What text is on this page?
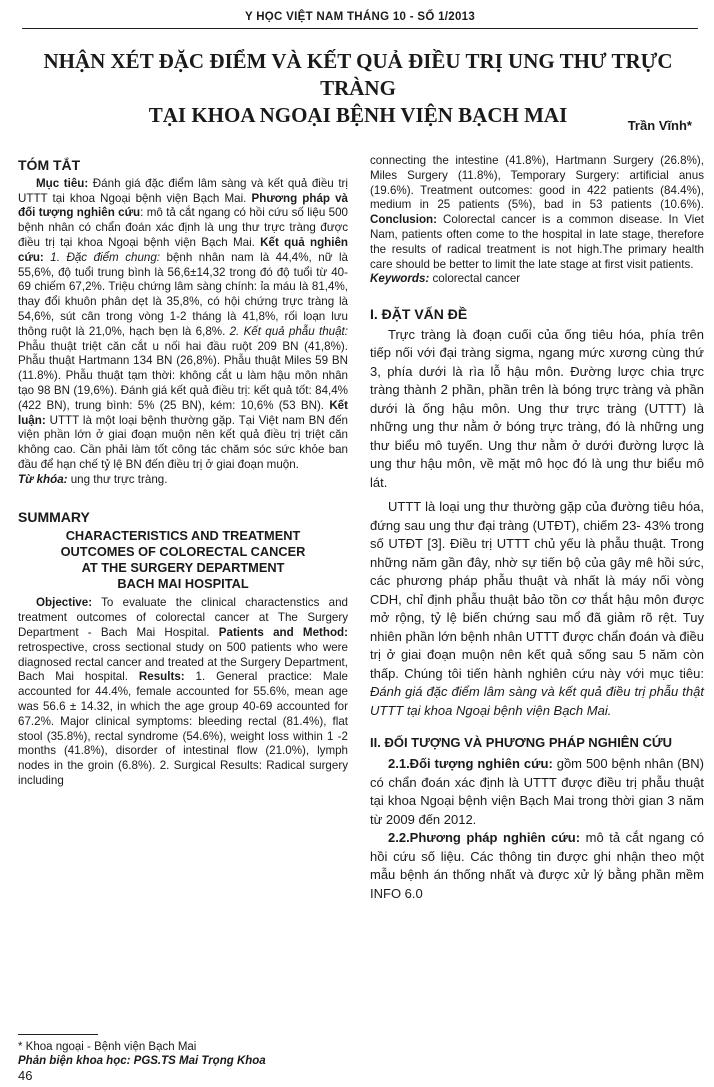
Y HỌC VIỆT NAM THÁNG 10 - SỐ 1/2013
NHẬN XÉT ĐẶC ĐIỂM VÀ KẾT QUẢ ĐIỀU TRỊ UNG THƯ TRỰC TRÀNG
TẠI KHOA NGOẠI BỆNH VIỆN BẠCH MAI	Trần Vĩnh*
TÓM TẮT

Mục tiêu: Đánh giá đặc điểm lâm sàng và kết quả điều trị UTTT tại khoa Ngoại bệnh viện Bạch Mai. Phương pháp và đối tượng nghiên cứu: mô tả cắt ngang có hồi cứu số liệu 500 bệnh nhân có chẩn đoán xác định là ung thư trực tràng được điều trị tại khoa Ngoại bệnh viện Bạch Mai. Kết quả nghiên cứu: 1. Đặc điểm chung: bệnh nhân nam là 44,4%, nữ là 55,6%, độ tuổi trung bình là 56,6±14,32 trong đó độ tuổi từ 40-69 chiếm 67,2%. Triệu chứng lâm sàng chính: ỉa máu là 81,4%, thay đổi khuôn phân dẹt là 35,8%, có hội chứng trực tràng là 54,6%, sút cân trong vòng 1-2 tháng là 41,8%, rối loạn lưu thông ruột là 21,0%, hạch bẹn là 6,8%. 2. Kết quả phẫu thuật: Phẫu thuật triệt căn cắt u nối hai đầu ruột 209 BN (41,8%). Phẫu thuật Hartmann 134 BN (26,8%). Phẫu thuật Miles 59 BN (11.8%). Phẫu thuật tạm thời: không cắt u làm hậu môn nhân tạo 98 BN (19,6%). Đánh giá kết quả điều trị: kết quả tốt: 84,4% (422 BN), trung bình: 5% (25 BN), kém: 10,6% (53 BN). Kết luận: UTTT là một loại bệnh thường gặp. Tại Việt nam BN đến viện phần lớn ở giai đoạn muộn nên kết quả điều trị triệt căn không cao. Cần phải làm tốt công tác chăm sóc sức khỏe ban đầu để hạn chế tỷ lệ BN đến điều trị ở giai đoạn muộn.

Từ khóa: ung thư trực tràng.

SUMMARY
CHARACTERISTICS AND TREATMENT
OUTCOMES OF COLORECTAL CANCER
AT THE SURGERY DEPARTMENT
BACH MAI HOSPITAL

Objective: To evaluate the clinical charactenstics and treatment outcomes of colorectal cancer at The Surgery Department - Bach Mai Hospital. Patients and Method: retrospective, cross sectional study on 500 patients who were diagnosed rectal cancer and treated at the Surgery Department, Bach Mai hospital. Results: 1. General practice: Male accounted for 44.4%, female accounted for 55.6%, mean age was 56.6 ± 14.32, in which the age group 40-69 accounted for 67.2%. Major clinical symptoms: bleeding rectal (81.4%), flat stool (35.8%), rectal syndrome (54.6%), weight loss within 1 -2 months (41.8%), disorder of intestinal flow (21.0%), lymph nodes in the groin (6.8%). 2. Surgical Results: Radical surgery including

* Khoa ngoại - Bệnh viện Bạch Mai
Phản biện khoa học: PGS.TS Mai Trọng Khoa
46

connecting the intestine (41.8%), Hartmann Surgery (26.8%), Miles Surgery (11.8%), Temporary Surgery: artificial anus (19.6%). Treatment outcomes: good in 422 patients (84.4%), medium in 25 patients (5%), bad in 53 patients (10.6%). Conclusion: Colorectal cancer is a common disease. In Viet Nam, patients often come to the hospital in late stage, therefore the results of radical treatment is not high.The primary health care should be better to limit the late stage at first visit patients.

Keywords: colorectal cancer

I. ĐẶT VẤN ĐỀ

Trực tràng là đoạn cuối của ống tiêu hóa, phía trên tiếp nối với đại tràng sigma, ngang mức xương cùng thứ 3, phía dưới là rìa lỗ hậu môn. Đường lược chia trực tràng thành 2 phần, phần trên là bóng trực tràng và phần dưới là ống hậu môn. Ung thư trực tràng (UTTT) là những ung thư nằm ở bóng trực tràng, đó là những ung thư biểu mô tuyến. Ung thư nằm ở dưới đường lược là ung thư hậu môn, về mặt mô học đó là ung thư biểu mô lát.

UTTT là loại ung thư thường gặp của đường tiêu hóa, đứng sau ung thư đại tràng (UTĐT), chiếm 23- 43% trong số UTĐT [3]. Điều trị UTTT chủ yếu là phẫu thuật. Trong những năm gần đây, nhờ sự tiến bộ của gây mê hồi sức, các phương pháp phẫu thuật và nhất là máy nối vòng CDH, chỉ định phẫu thuật bảo tồn cơ thắt hậu môn được mở rộng, tỷ lệ biến chứng sau mổ đã giảm rõ rệt. Tuy nhiên phần lớn bệnh nhân UTTT được chẩn đoán và điều trị ở giai đoạn muộn nên kết quả sống sau 5 năm còn thấp. Chúng tôi tiến hành nghiên cứu này với mục tiêu: Đánh giá đặc điểm lâm sàng và kết quả điều trị phẫu thật UTTT tại khoa Ngoại bệnh viện Bạch Mai.

II. ĐỐI TƯỢNG VÀ PHƯƠNG PHÁP NGHIÊN CỨU

2.1.Đối tượng nghiên cứu: gồm 500 bệnh nhân (BN) có chẩn đoán xác định là UTTT được điều trị phẫu thuật tại khoa Ngoại bệnh viện Bạch Mai trong thời gian 3 năm từ 2009 đến 2012.

2.2.Phương pháp nghiên cứu: mô tả cắt ngang có hồi cứu số liệu. Các thông tin được ghi nhận theo một mẫu bệnh án thống nhất và được xử lý bằng phần mềm INFO 6.0
